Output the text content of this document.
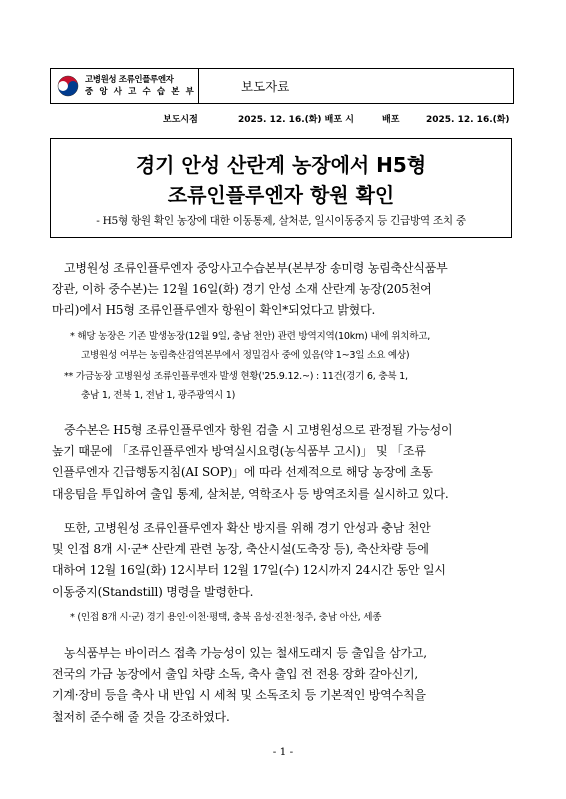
고병원성 조류인플루엔자
중 앙 사 고 수 습 본 부	보도자료
보도시점	2025. 12. 16.(화) 배포 시	배포	2025. 12. 16.(화)
경기 안성 산란계 농장에서 H5형
조류인플루엔자 항원 확인
- H5형 항원 확인 농장에 대한 이동통제, 살처분, 일시이동중지 등 긴급방역 조치 중
고병원성 조류인플루엔자 중앙사고수습본부(본부장 송미령 농림축산식품부
장관, 이하 중수본)는 12월 16일(화) 경기 안성 소재 산란계 농장(205천여
마리)에서 H5형 조류인플루엔자 항원이 확인*되었다고 밝혔다.
* 해당 농장은 기존 발생농장(12월 9일, 충남 천안) 관련 방역지역(10km) 내에 위치하고,
고병원성 여부는 농림축산검역본부에서 정밀검사 중에 있음(약 1~3일 소요 예상)
** 가금농장 고병원성 조류인플루엔자 발생 현황('25.9.12.~) : 11건(경기 6, 충북 1,
충남 1, 전북 1, 전남 1, 광주광역시 1)
중수본은 H5형 조류인플루엔자 항원 검출 시 고병원성으로 관정될 가능성이
높기 때문에 「조류인플루엔자 방역실시요령(농식품부 고시)」 및 「조류
인플루엔자 긴급행동지침(AI SOP)」에 따라 선제적으로 해당 농장에 초동
대응팀을 투입하여 출입 통제, 살처분, 역학조사 등 방역조치를 실시하고 있다.
또한, 고병원성 조류인플루엔자 확산 방지를 위해 경기 안성과 충남 천안
및 인접 8개 시·군* 산란계 관련 농장, 축산시설(도축장 등), 축산차량 등에
대하여 12월 16일(화) 12시부터 12월 17일(수) 12시까지 24시간 동안 일시
이동중지(Standstill) 명령을 발령한다.
* (인접 8개 시·군) 경기 용인·이천·평택, 충북 음성·진천·청주, 충남 아산, 세종
농식품부는 바이러스 접촉 가능성이 있는 철새도래지 등 출입을 삼가고,
전국의 가금 농장에서 출입 차량 소독, 축사 출입 전 전용 장화 갈아신기,
기계·장비 등을 축사 내 반입 시 세척 및 소독조치 등 기본적인 방역수칙을
철저히 준수해 줄 것을 강조하였다.
- 1 -
